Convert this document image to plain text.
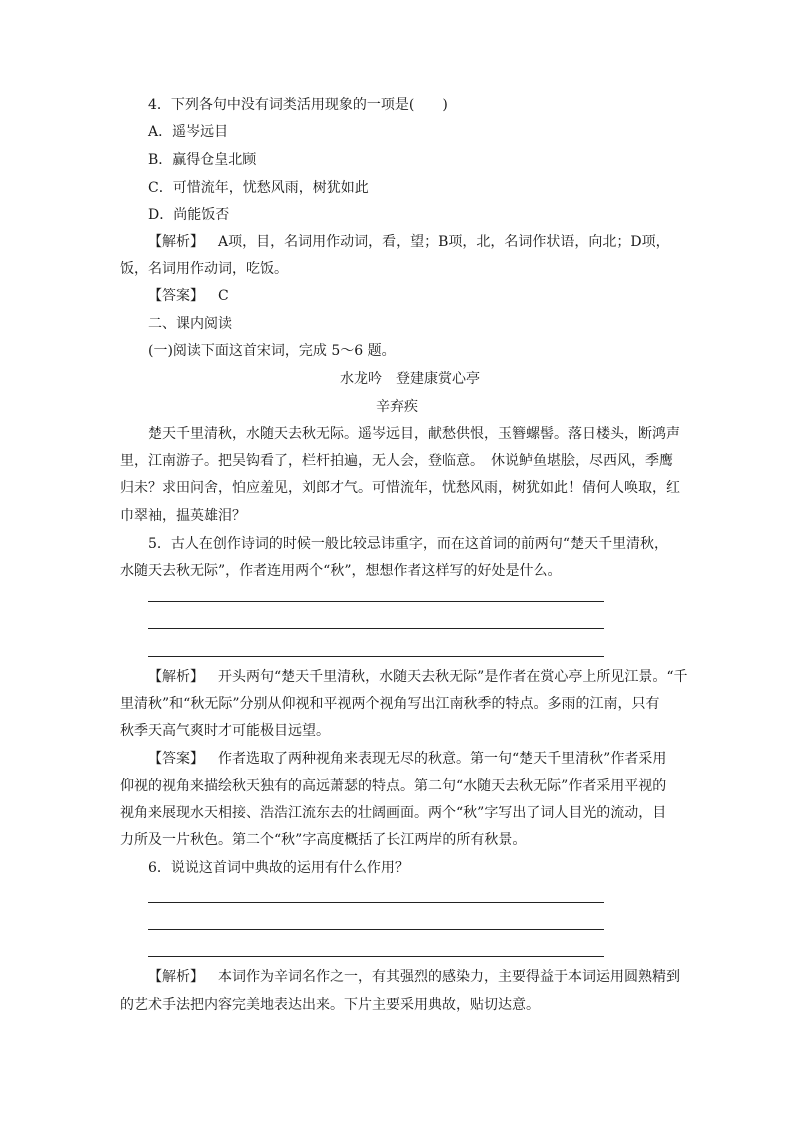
4．下列各句中没有词类活用现象的一项是(　　)
A．遥岑远目
B．赢得仓皇北顾
C．可惜流年，忧愁风雨，树犹如此
D．尚能饭否
【解析】 A项，目，名词用作动词，看，望；B项，北，名词作状语，向北；D项，
饭，名词用作动词，吃饭。
【答案】 C
二、课内阅读
(一)阅读下面这首宋词，完成 5～6 题。
水龙吟　登建康赏心亭
辛弃疾
楚天千里清秋，水随天去秋无际。遥岑远目，献愁供恨，玉簪螺髻。落日楼头，断鸿声
里，江南游子。把吴钩看了，栏杆拍遍，无人会，登临意。　休说鲈鱼堪脍，尽西风，季鹰
归未？求田问舍，怕应羞见，刘郎才气。可惜流年，忧愁风雨，树犹如此！倩何人唤取，红
巾翠袖，揾英雄泪？
5．古人在创作诗词的时候一般比较忌讳重字，而在这首词的前两句“楚天千里清秋，
水随天去秋无际”，作者连用两个“秋”，想想作者这样写的好处是什么。
【解析】 开头两句“楚天千里清秋，水随天去秋无际”是作者在赏心亭上所见江景。“千
里清秋”和“秋无际”分别从仰视和平视两个视角写出江南秋季的特点。多雨的江南，只有
秋季天高气爽时才可能极目远望。
【答案】 作者选取了两种视角来表现无尽的秋意。第一句“楚天千里清秋”作者采用
仰视的视角来描绘秋天独有的高远萧瑟的特点。第二句“水随天去秋无际”作者采用平视的
视角来展现水天相接、浩浩江流东去的壮阔画面。两个“秋”字写出了词人目光的流动，目
力所及一片秋色。第二个“秋”字高度概括了长江两岸的所有秋景。
6．说说这首词中典故的运用有什么作用？
【解析】 本词作为辛词名作之一，有其强烈的感染力，主要得益于本词运用圆熟精到
的艺术手法把内容完美地表达出来。下片主要采用典故，贴切达意。
